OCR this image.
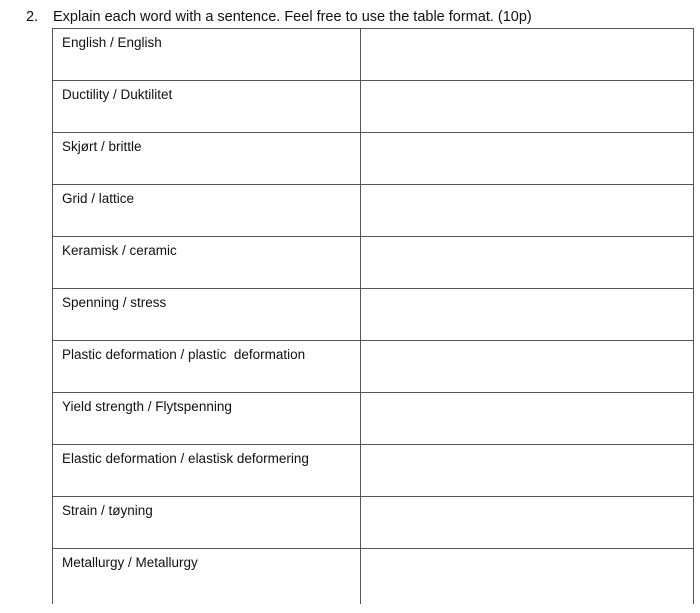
2. Explain each word with a sentence. Feel free to use the table format. (10p)
English / English	
Ductility / Duktilitet	
Skjørt / brittle	
Grid / lattice	
Keramisk / ceramic	
Spenning / stress	
Plastic deformation / plastic  deformation	
Yield strength / Flytspenning	
Elastic deformation / elastisk deformering	
Strain / tøyning	
Metallurgy / Metallurgy	
